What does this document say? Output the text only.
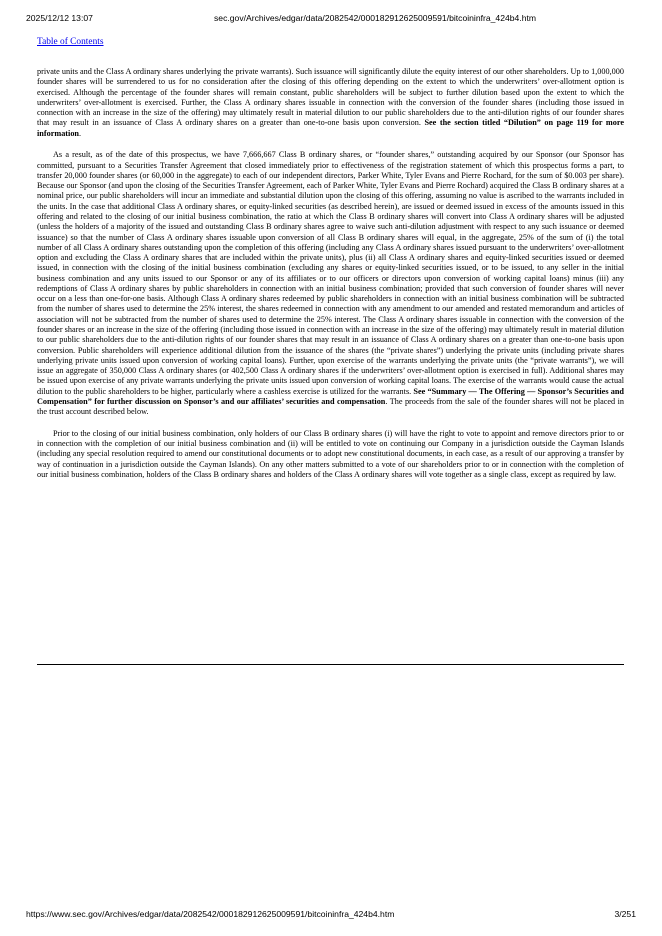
2025/12/12 13:07	sec.gov/Archives/edgar/data/2082542/000182912625009591/bitcoininfra_424b4.htm
Table of Contents

private units and the Class A ordinary shares underlying the private warrants). Such issuance will significantly dilute the equity interest of our other shareholders. Up to 1,000,000 founder shares will be surrendered to us for no consideration after the closing of this offering depending on the extent to which the underwriters’ over-allotment option is exercised. Although the percentage of the founder shares will remain constant, public shareholders will be subject to further dilution based upon the extent to which the underwriters’ over-allotment is exercised. Further, the Class A ordinary shares issuable in connection with the conversion of the founder shares (including those issued in connection with an increase in the size of the offering) may ultimately result in material dilution to our public shareholders due to the anti-dilution rights of our founder shares that may result in an issuance of Class A ordinary shares on a greater than one-to-one basis upon conversion. See the section titled “Dilution” on page 119 for more information.

As a result, as of the date of this prospectus, we have 7,666,667 Class B ordinary shares, or “founder shares,” outstanding acquired by our Sponsor (our Sponsor has committed, pursuant to a Securities Transfer Agreement that closed immediately prior to effectiveness of the registration statement of which this prospectus forms a part, to transfer 20,000 founder shares (or 60,000 in the aggregate) to each of our independent directors, Parker White, Tyler Evans and Pierre Rochard, for the sum of $0.003 per share). Because our Sponsor (and upon the closing of the Securities Transfer Agreement, each of Parker White, Tyler Evans and Pierre Rochard) acquired the Class B ordinary shares at a nominal price, our public shareholders will incur an immediate and substantial dilution upon the closing of this offering, assuming no value is ascribed to the warrants included in the units. In the case that additional Class A ordinary shares, or equity-linked securities (as described herein), are issued or deemed issued in excess of the amounts issued in this offering and related to the closing of our initial business combination, the ratio at which the Class B ordinary shares will convert into Class A ordinary shares will be adjusted (unless the holders of a majority of the issued and outstanding Class B ordinary shares agree to waive such anti-dilution adjustment with respect to any such issuance or deemed issuance) so that the number of Class A ordinary shares issuable upon conversion of all Class B ordinary shares will equal, in the aggregate, 25% of the sum of (i) the total number of all Class A ordinary shares outstanding upon the completion of this offering (including any Class A ordinary shares issued pursuant to the underwriters’ over-allotment option and excluding the Class A ordinary shares that are included within the private units), plus (ii) all Class A ordinary shares and equity-linked securities issued or deemed issued, in connection with the closing of the initial business combination (excluding any shares or equity-linked securities issued, or to be issued, to any seller in the initial business combination and any units issued to our Sponsor or any of its affiliates or to our officers or directors upon conversion of working capital loans) minus (iii) any redemptions of Class A ordinary shares by public shareholders in connection with an initial business combination; provided that such conversion of founder shares will never occur on a less than one-for-one basis. Although Class A ordinary shares redeemed by public shareholders in connection with an initial business combination will be subtracted from the number of shares used to determine the 25% interest, the shares redeemed in connection with any amendment to our amended and restated memorandum and articles of association will not be subtracted from the number of shares used to determine the 25% interest. The Class A ordinary shares issuable in connection with the conversion of the founder shares or an increase in the size of the offering (including those issued in connection with an increase in the size of the offering) may ultimately result in material dilution to our public shareholders due to the anti-dilution rights of our founder shares that may result in an issuance of Class A ordinary shares on a greater than one-to-one basis upon conversion. Public shareholders will experience additional dilution from the issuance of the shares (the “private shares”) underlying the private units (including private shares underlying private units issued upon conversion of working capital loans). Further, upon exercise of the warrants underlying the private units (the “private warrants”), we will issue an aggregate of 350,000 Class A ordinary shares (or 402,500 Class A ordinary shares if the underwriters’ over-allotment option is exercised in full). Additional shares may be issued upon exercise of any private warrants underlying the private units issued upon conversion of working capital loans. The exercise of the warrants would cause the actual dilution to the public shareholders to be higher, particularly where a cashless exercise is utilized for the warrants. See “Summary — The Offering — Sponsor’s Securities and Compensation” for further discussion on Sponsor’s and our affiliates’ securities and compensation. The proceeds from the sale of the founder shares will not be placed in the trust account described below.

Prior to the closing of our initial business combination, only holders of our Class B ordinary shares (i) will have the right to vote to appoint and remove directors prior to or in connection with the completion of our initial business combination and (ii) will be entitled to vote on continuing our Company in a jurisdiction outside the Cayman Islands (including any special resolution required to amend our constitutional documents or to adopt new constitutional documents, in each case, as a result of our approving a transfer by way of continuation in a jurisdiction outside the Cayman Islands). On any other matters submitted to a vote of our shareholders prior to or in connection with the completion of our initial business combination, holders of the Class B ordinary shares and holders of the Class A ordinary shares will vote together as a single class, except as required by law.

https://www.sec.gov/Archives/edgar/data/2082542/000182912625009591/bitcoininfra_424b4.htm	3/251
